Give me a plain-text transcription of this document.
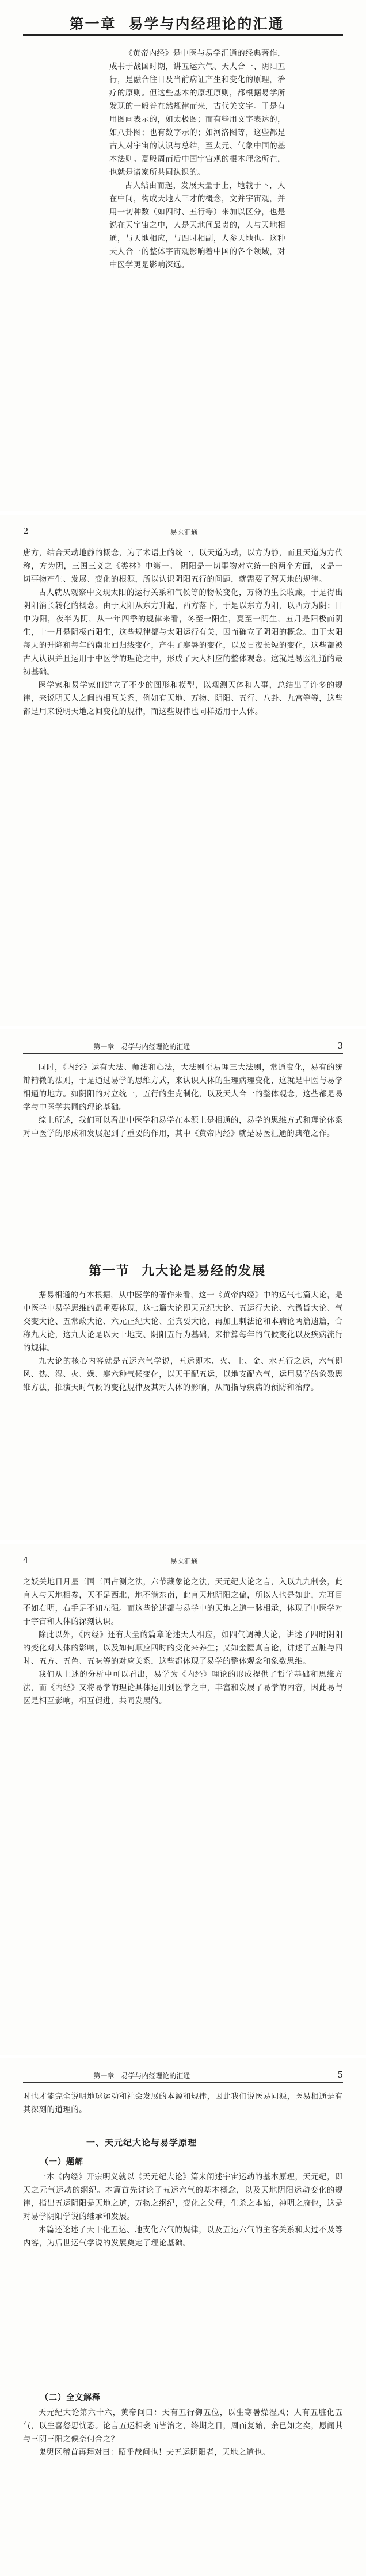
第一章 易学与内经理论的汇通

《黄帝内经》是中医与易学汇通的经典著作，成书于战国时期，讲五运六气、天人合一、阴阳五行，是融合往日及当前病证产生和变化的原理，治疗的原则。但这些基本的原理原则，都根据易学所发现的一般普在然规律而来，古代关文字。于是有用图画表示的，如太极图；而有些用文字表达的，如八卦图；也有数字示的；如河洛图等，这些都是古人对宇宙的认识与总结，至太元、气象中国的基本法则。夏殷周而后中国宇宙观的根本理念所在，也就是诸家所共同认识的。

古人结由而起，发展天量于上，地载于下，人在中间，构成天地人三才的概念，文并宇宙观，并用一切种数（如四时、五行等）来加以区分，也是说在天宇宙之中，人是天地间最贵的，人与天地相通，与天地相应，与四时相副，人参天地也。这种天人合一的整体宇宙观影响着中国的各个领域，对中医学更是影响深远。

2	易医汇通

唐方，结合天动地静的概念，为了术语上的统一，以天道为动，以方为静，而且天道为方代称，方为阴，三国三义之《类林》中第一。 阴阳是一切事物对立统一的两个方面，又是一切事物产生、发展、变化的根源，所以认识阴阳五行的问题，就需要了解天地的规律。

古人就从观察中文现太阳的运行关系和气候等的物候变化，万物的生长收藏，于是得出阴阳消长转化的概念。由于太阳从东方升起，西方落下，于是以东方为阳，以西方为阴；日中为阳，夜半为阴，从一年四季的规律来看，冬至一阳生，夏至一阴生，五月是阳极而阴生，十一月是阴极而阳生，这些规律都与太阳运行有关，因而确立了阴阳的概念。由于太阳每天的升降和每年的南北回归线变化，产生了寒暑的变化，以及日夜长短的变化，这些都被古人认识并且运用于中医学的理论之中，形成了天人相应的整体观念。这就是易医汇通的最初基础。

医学家和易学家们建立了不少的图形和模型，以观测天体和人事，总结出了许多的规律，来说明天人之间的相互关系，例如有天地、万物、阴阳、五行、八卦、九宫等等，这些都是用来说明天地之间变化的规律，而这些规律也同样适用于人体。

第一章　易学与内经理论的汇通	3

同时，《内经》运有大法、师法和心法，大法则至易理三大法则，常通变化，易有的统辩精微的法则，于是通过易学的思维方式，来认识人体的生理病理变化，这就是中医与易学相通的地方。如阴阳的对立统一，五行的生克制化，以及天人合一的整体观念，这些都是易学与中医学共同的理论基础。

综上所述，我们可以看出中医学和易学在本源上是相通的，易学的思维方式和理论体系对中医学的形成和发展起到了重要的作用，其中《黄帝内经》就是易医汇通的典范之作。

第一节 九大论是易经的发展

据易相通的有本根据，从中医学的著作来看，这一《黄帝内经》中的运气七篇大论，是中医学中易学思维的最重要体现，这七篇大论即天元纪大论、五运行大论、六微旨大论、气交变大论、五常政大论、六元正纪大论、至真要大论，再加上刺法论和本病论两篇遗篇，合称九大论，这九大论是以天干地支、阴阳五行为基础，来推算每年的气候变化以及疾病流行的规律。

九大论的核心内容就是五运六气学说，五运即木、火、土、金、水五行之运，六气即风、热、湿、火、燥、寒六种气候变化，以天干配五运，以地支配六气，运用易学的象数思维方法，推演天时气候的变化规律及其对人体的影响，从而指导疾病的预防和治疗。

4	易医汇通

之妖关地日月星三国三国占测之法，六节藏象论之法，天元纪大论之言，入以九九制会，此言人与天地相参，天不足西北，地不满东南，此言天地阴阳之偏，所以人也是如此，左耳目不如右明，右手足不如左强。而这些论述都与易学中的天地之道一脉相承，体现了中医学对于宇宙和人体的深刻认识。

除此以外，《内经》还有大量的篇章论述天人相应，如四气调神大论，讲述了四时阴阳的变化对人体的影响，以及如何顺应四时的变化来养生；又如金匮真言论，讲述了五脏与四时、五方、五色、五味等的对应关系，这些都体现了易学的整体观念和象数思维。

我们从上述的分析中可以看出，易学为《内经》理论的形成提供了哲学基础和思维方法，而《内经》又将易学的理论具体运用到医学之中，丰富和发展了易学的内容，因此易与医是相互影响，相互促进，共同发展的。

第一章　易学与内经理论的汇通	5

时也才能完全说明地球运动和社会发展的本源和规律，因此我们说医易同源，医易相通是有其深刻的道理的。

一、天元纪大论与易学原理
（一）题解

一本《内经》开宗明义就以《天元纪大论》篇来阐述宇宙运动的基本原理，天元纪，即天之元气运动的纲纪。本篇首先讨论了五运六气的基本概念，以及天地阴阳运动变化的规律，指出五运阴阳是天地之道，万物之纲纪，变化之父母，生杀之本始，神明之府也，这是对易学阴阳学说的继承和发展。

本篇还论述了天干化五运、地支化六气的规律，以及五运六气的主客关系和太过不及等内容，为后世运气学说的发展奠定了理论基础。

（二）全文解释

天元纪大论第六十六，黄帝问曰：天有五行御五位，以生寒暑燥湿风；人有五脏化五气，以生喜怒思忧恐。论言五运相袭而皆治之，终期之日，周而复始，余已知之矣，愿闻其与三阴三阳之候奈何合之？

鬼臾区稽首再拜对曰：昭乎哉问也！夫五运阴阳者，天地之道也。
